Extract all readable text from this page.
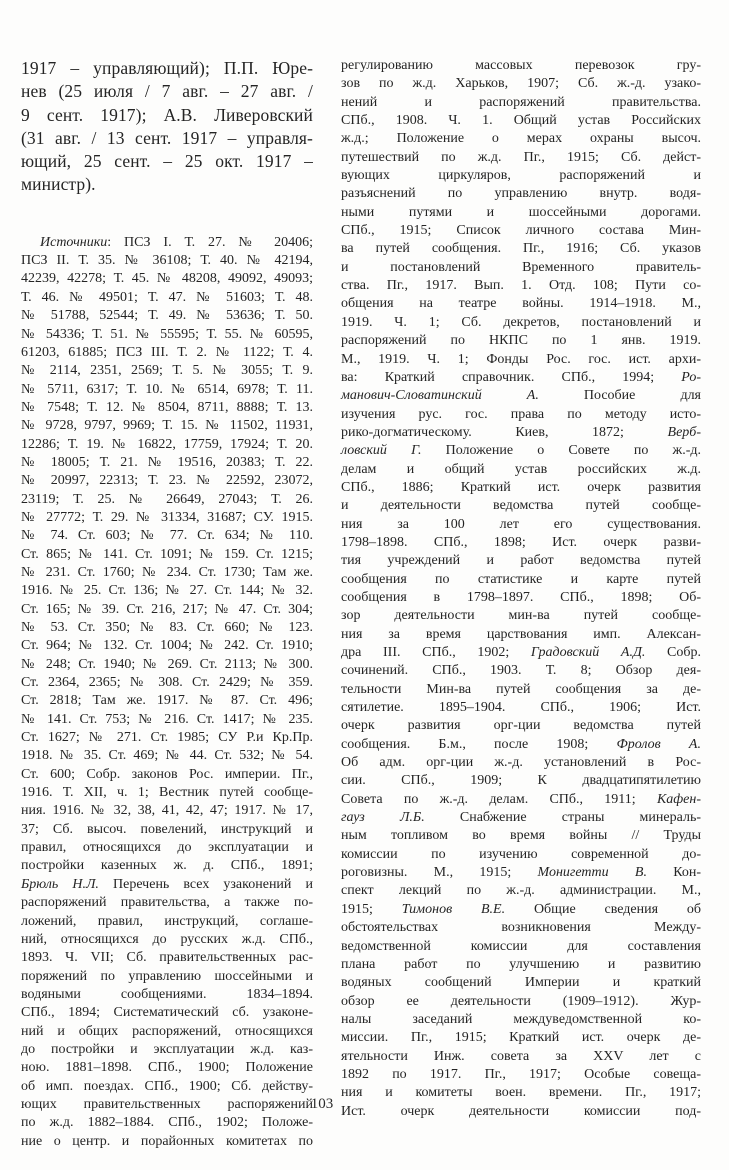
1917 – управляющий); П.П. Юре-
нев (25 июля / 7 авг. – 27 авг. /
9 сент. 1917); А.В. Ливеровский
(31 авг. / 13 сент. 1917 – управля-
ющий, 25 сент. – 25 окт. 1917 –
министр).
Источники: ПСЗ I. Т. 27. № 20406;
ПСЗ II. Т. 35. № 36108; Т. 40. № 42194,
42239, 42278; Т. 45. № 48208, 49092, 49093;
Т. 46. № 49501; Т. 47. № 51603; Т. 48.
№ 51788, 52544; Т. 49. № 53636; Т. 50.
№ 54336; Т. 51. № 55595; Т. 55. № 60595,
61203, 61885; ПСЗ III. Т. 2. № 1122; Т. 4.
№ 2114, 2351, 2569; Т. 5. № 3055; Т. 9.
№ 5711, 6317; Т. 10. № 6514, 6978; Т. 11.
№ 7548; Т. 12. № 8504, 8711, 8888; Т. 13.
№ 9728, 9797, 9969; Т. 15. № 11502, 11931,
12286; Т. 19. № 16822, 17759, 17924; Т. 20.
№ 18005; Т. 21. № 19516, 20383; Т. 22.
№ 20997, 22313; Т. 23. № 22592, 23072,
23119; Т. 25. № 26649, 27043; Т. 26.
№ 27772; Т. 29. № 31334, 31687; СУ. 1915.
№ 74. Ст. 603; № 77. Ст. 634; № 110.
Ст. 865; № 141. Ст. 1091; № 159. Ст. 1215;
№ 231. Ст. 1760; № 234. Ст. 1730; Там же.
1916. № 25. Ст. 136; № 27. Ст. 144; № 32.
Ст. 165; № 39. Ст. 216, 217; № 47. Ст. 304;
№ 53. Ст. 350; № 83. Ст. 660; № 123.
Ст. 964; № 132. Ст. 1004; № 242. Ст. 1910;
№ 248; Ст. 1940; № 269. Ст. 2113; № 300.
Ст. 2364, 2365; № 308. Ст. 2429; № 359.
Ст. 2818; Там же. 1917. № 87. Ст. 496;
№ 141. Ст. 753; № 216. Ст. 1417; № 235.
Ст. 1627; № 271. Ст. 1985; СУ Р.и Кр.Пр.
1918. № 35. Ст. 469; № 44. Ст. 532; № 54.
Ст. 600; Собр. законов Рос. империи. Пг.,
1916. Т. XII, ч. 1; Вестник путей сообще-
ния. 1916. № 32, 38, 41, 42, 47; 1917. № 17,
37; Сб. высоч. повелений, инструкций и
правил, относящихся до эксплуатации и
постройки казенных ж. д. СПб., 1891;
Брюль Н.Л. Перечень всех узаконений и
распоряжений правительства, а также по-
ложений, правил, инструкций, соглаше-
ний, относящихся до русских ж.д. СПб.,
1893. Ч. VII; Сб. правительственных рас-
поряжений по управлению шоссейными и
водяными сообщениями. 1834–1894.
СПб., 1894; Систематический сб. узаконе-
ний и общих распоряжений, относящихся
до постройки и эксплуатации ж.д. каз-
ною. 1881–1898. СПб., 1900; Положение
об имп. поездах. СПб., 1900; Сб. действу-
ющих правительственных распоряжений
по ж.д. 1882–1884. СПб., 1902; Положе-
ние о центр. и порайонных комитетах по
регулированию массовых перевозок гру-
зов по ж.д. Харьков, 1907; Сб. ж.-д. узако-
нений и распоряжений правительства.
СПб., 1908. Ч. 1. Общий устав Российских
ж.д.; Положение о мерах охраны высоч.
путешествий по ж.д. Пг., 1915; Сб. дейст-
вующих циркуляров, распоряжений и
разъяснений по управлению внутр. водя-
ными путями и шоссейными дорогами.
СПб., 1915; Список личного состава Мин-
ва путей сообщения. Пг., 1916; Сб. указов
и постановлений Временного правитель-
ства. Пг., 1917. Вып. 1. Отд. 108; Пути со-
общения на театре войны. 1914–1918. М.,
1919. Ч. 1; Сб. декретов, постановлений и
распоряжений по НКПС по 1 янв. 1919.
М., 1919. Ч. 1; Фонды Рос. гос. ист. архи-
ва: Краткий справочник. СПб., 1994; Ро-
манович-Словатинский А. Пособие для
изучения рус. гос. права по методу исто-
рико-догматическому. Киев, 1872; Верб-
ловский Г. Положение о Совете по ж.-д.
делам и общий устав российских ж.д.
СПб., 1886; Краткий ист. очерк развития
и деятельности ведомства путей сообще-
ния за 100 лет его существования.
1798–1898. СПб., 1898; Ист. очерк разви-
тия учреждений и работ ведомства путей
сообщения по статистике и карте путей
сообщения в 1798–1897. СПб., 1898; Об-
зор деятельности мин-ва путей сообще-
ния за время царствования имп. Алексан-
дра III. СПб., 1902; Градовский А.Д. Собр.
сочинений. СПб., 1903. Т. 8; Обзор дея-
тельности Мин-ва путей сообщения за де-
сятилетие. 1895–1904. СПб., 1906; Ист.
очерк развития орг-ции ведомства путей
сообщения. Б.м., после 1908; Фролов А.
Об адм. орг-ции ж.-д. установлений в Рос-
сии. СПб., 1909; К двадцатипятилетию
Совета по ж.-д. делам. СПб., 1911; Кафен-
гауз Л.Б. Снабжение страны минераль-
ным топливом во время войны // Труды
комиссии по изучению современной до-
роговизны. М., 1915; Монигетти В. Кон-
спект лекций по ж.-д. администрации. М.,
1915; Тимонов В.Е. Общие сведения об
обстоятельствах возникновения Между-
ведомственной комиссии для составления
плана работ по улучшению и развитию
водяных сообщений Империи и краткий
обзор ее деятельности (1909–1912). Жур-
налы заседаний междуведомственной ко-
миссии. Пг., 1915; Краткий ист. очерк де-
ятельности Инж. совета за XXV лет с
1892 по 1917. Пг., 1917; Особые совеща-
ния и комитеты воен. времени. Пг., 1917;
Ист. очерк деятельности комиссии под-
103
